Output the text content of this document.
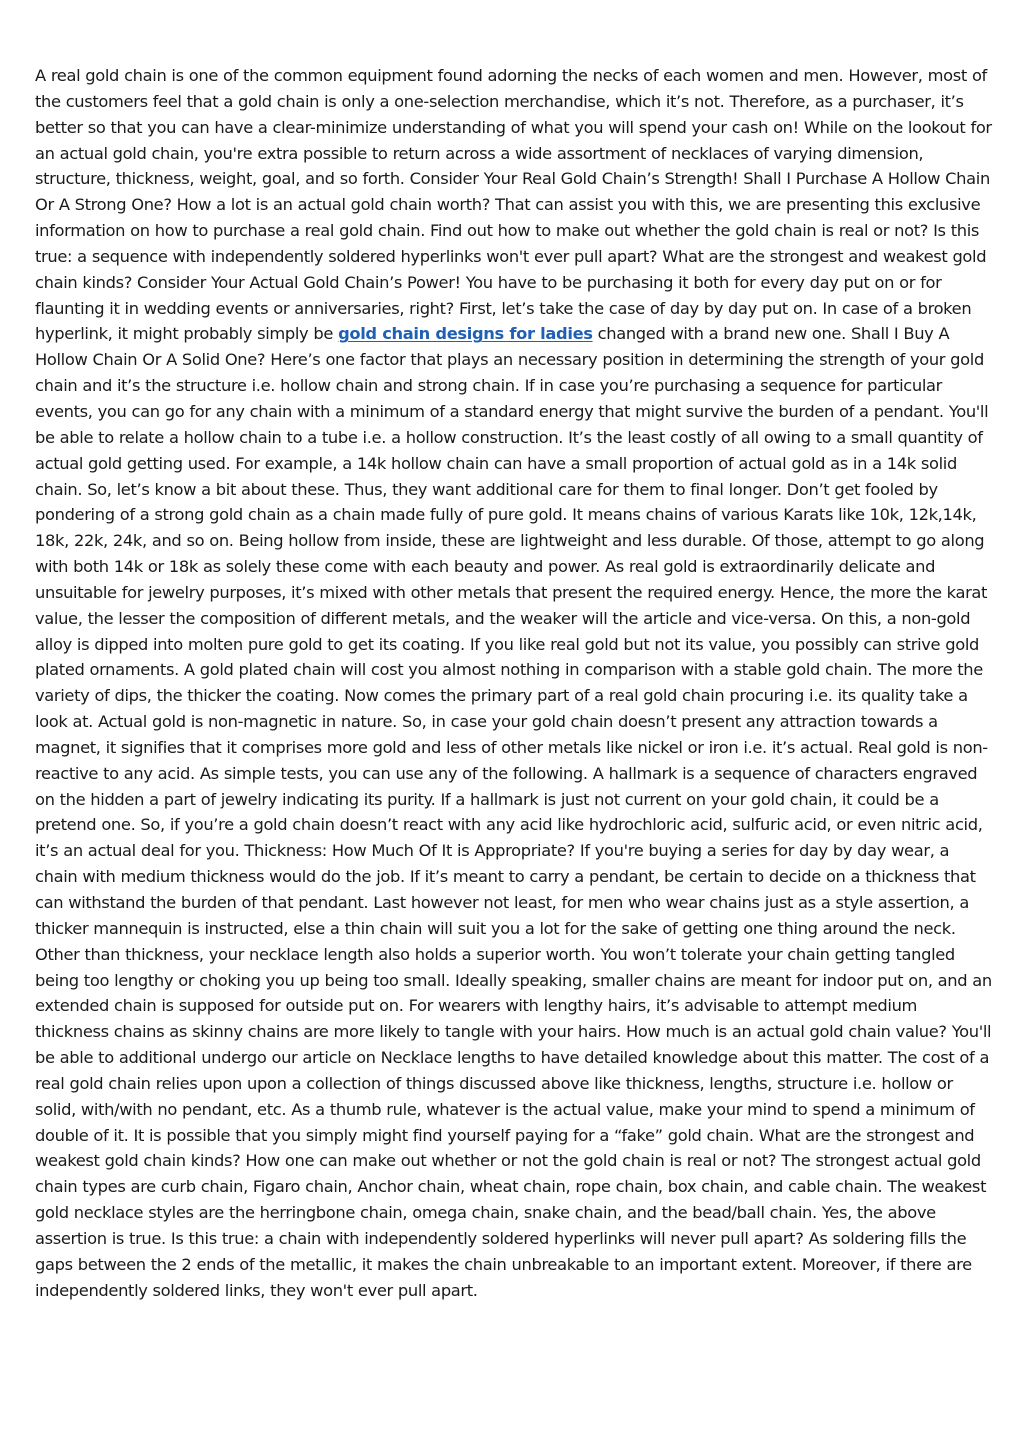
A real gold chain is one of the common equipment found adorning the necks of each women and men. However, most of the customers feel that a gold chain is only a one-selection merchandise, which it’s not. Therefore, as a purchaser, it’s better so that you can have a clear-minimize understanding of what you will spend your cash on! While on the lookout for an actual gold chain, you're extra possible to return across a wide assortment of necklaces of varying dimension, structure, thickness, weight, goal, and so forth. Consider Your Real Gold Chain’s Strength! Shall I Purchase A Hollow Chain Or A Strong One? How a lot is an actual gold chain worth? That can assist you with this, we are presenting this exclusive information on how to purchase a real gold chain. Find out how to make out whether the gold chain is real or not? Is this true: a sequence with independently soldered hyperlinks won't ever pull apart? What are the strongest and weakest gold chain kinds? Consider Your Actual Gold Chain’s Power! You have to be purchasing it both for every day put on or for flaunting it in wedding events or anniversaries, right? First, let’s take the case of day by day put on. In case of a broken hyperlink, it might probably simply be gold chain designs for ladies changed with a brand new one. Shall I Buy A Hollow Chain Or A Solid One? Here’s one factor that plays an necessary position in determining the strength of your gold chain and it’s the structure i.e. hollow chain and strong chain. If in case you’re purchasing a sequence for particular events, you can go for any chain with a minimum of a standard energy that might survive the burden of a pendant. You'll be able to relate a hollow chain to a tube i.e. a hollow construction. It’s the least costly of all owing to a small quantity of actual gold getting used. For example, a 14k hollow chain can have a small proportion of actual gold as in a 14k solid chain. So, let’s know a bit about these. Thus, they want additional care for them to final longer. Don’t get fooled by pondering of a strong gold chain as a chain made fully of pure gold. It means chains of various Karats like 10k, 12k,14k, 18k, 22k, 24k, and so on. Being hollow from inside, these are lightweight and less durable. Of those, attempt to go along with both 14k or 18k as solely these come with each beauty and power. As real gold is extraordinarily delicate and unsuitable for jewelry purposes, it’s mixed with other metals that present the required energy. Hence, the more the karat value, the lesser the composition of different metals, and the weaker will the article and vice-versa. On this, a non-gold alloy is dipped into molten pure gold to get its coating. If you like real gold but not its value, you possibly can strive gold plated ornaments. A gold plated chain will cost you almost nothing in comparison with a stable gold chain. The more the variety of dips, the thicker the coating. Now comes the primary part of a real gold chain procuring i.e. its quality take a look at. Actual gold is non-magnetic in nature. So, in case your gold chain doesn’t present any attraction towards a magnet, it signifies that it comprises more gold and less of other metals like nickel or iron i.e. it’s actual. Real gold is non-reactive to any acid. As simple tests, you can use any of the following. A hallmark is a sequence of characters engraved on the hidden a part of jewelry indicating its purity. If a hallmark is just not current on your gold chain, it could be a pretend one. So, if you’re a gold chain doesn’t react with any acid like hydrochloric acid, sulfuric acid, or even nitric acid, it’s an actual deal for you. Thickness: How Much Of It is Appropriate? If you're buying a series for day by day wear, a chain with medium thickness would do the job. If it’s meant to carry a pendant, be certain to decide on a thickness that can withstand the burden of that pendant. Last however not least, for men who wear chains just as a style assertion, a thicker mannequin is instructed, else a thin chain will suit you a lot for the sake of getting one thing around the neck. Other than thickness, your necklace length also holds a superior worth. You won’t tolerate your chain getting tangled being too lengthy or choking you up being too small. Ideally speaking, smaller chains are meant for indoor put on, and an extended chain is supposed for outside put on. For wearers with lengthy hairs, it’s advisable to attempt medium thickness chains as skinny chains are more likely to tangle with your hairs. How much is an actual gold chain value? You'll be able to additional undergo our article on Necklace lengths to have detailed knowledge about this matter. The cost of a real gold chain relies upon upon a collection of things discussed above like thickness, lengths, structure i.e. hollow or solid, with/with no pendant, etc. As a thumb rule, whatever is the actual value, make your mind to spend a minimum of double of it. It is possible that you simply might find yourself paying for a “fake” gold chain. What are the strongest and weakest gold chain kinds? How one can make out whether or not the gold chain is real or not? The strongest actual gold chain types are curb chain, Figaro chain, Anchor chain, wheat chain, rope chain, box chain, and cable chain. The weakest gold necklace styles are the herringbone chain, omega chain, snake chain, and the bead/ball chain. Yes, the above assertion is true. Is this true: a chain with independently soldered hyperlinks will never pull apart? As soldering fills the gaps between the 2 ends of the metallic, it makes the chain unbreakable to an important extent. Moreover, if there are independently soldered links, they won't ever pull apart.
